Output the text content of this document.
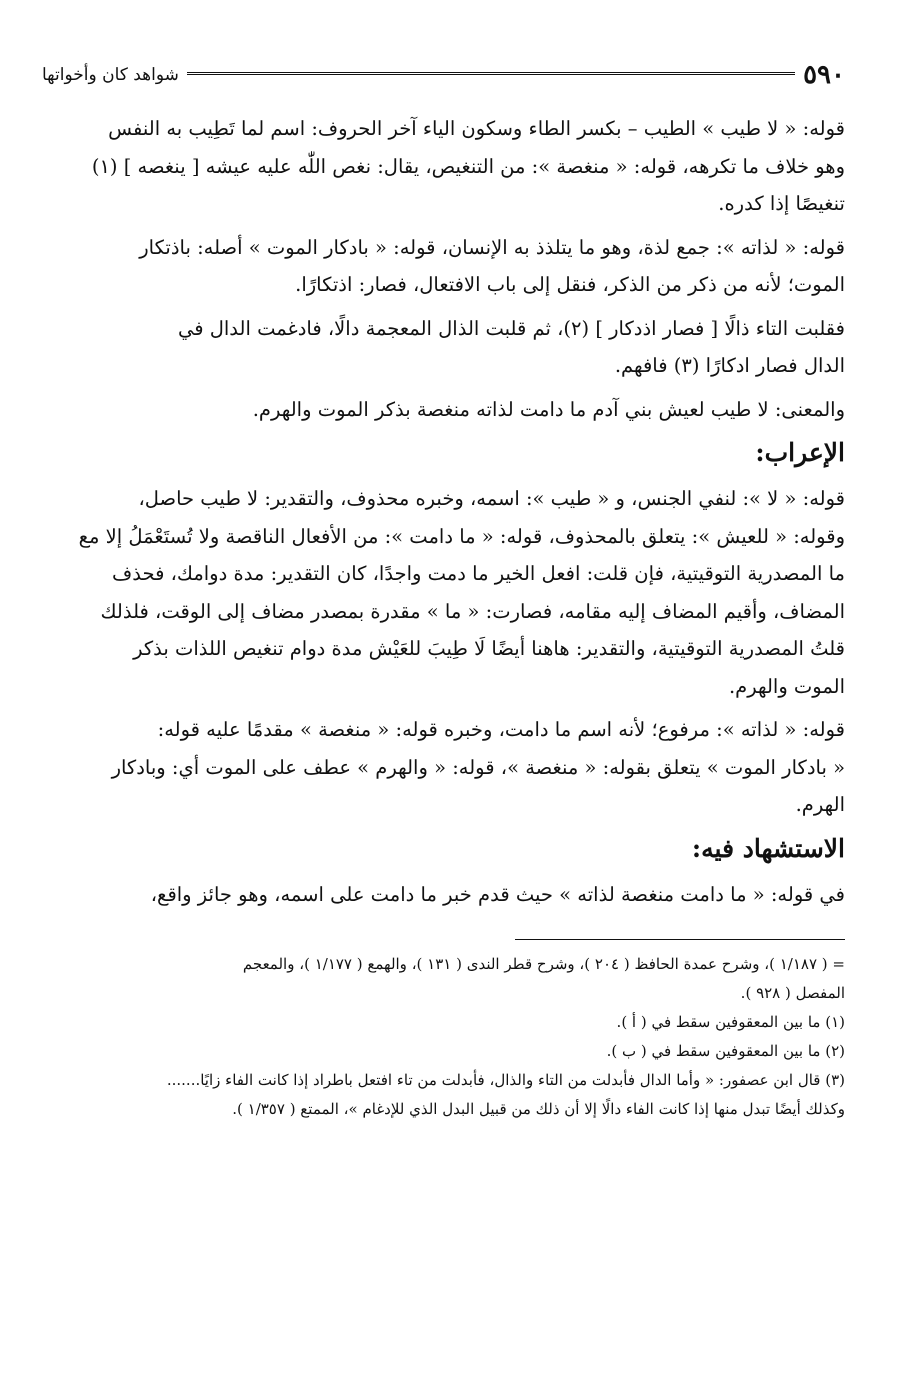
٥٩٠
شواهد كان وأخواتها

قوله: « لا طيب » الطيب – بكسر الطاء وسكون الياء آخر الحروف: اسم لما تَطِيب به النفس

وهو خلاف ما تكرهه، قوله: « منغصة »: من التنغيص، يقال: نغص اللّٰه عليه عيشه [ ينغصه ] (١)

تنغيصًا إذا كدره.

قوله: « لذاته »: جمع لذة، وهو ما يتلذذ به الإنسان، قوله: « بادكار الموت » أصله: باذتكار

الموت؛ لأنه من ذكر من الذكر، فنقل إلى باب الافتعال، فصار: اذتكارًا.

فقلبت التاء ذالًا [ فصار اذدكار ] (٢)، ثم قلبت الذال المعجمة دالًا، فادغمت الدال في

الدال فصار ادكارًا (٣) فافهم.

والمعنى: لا طيب لعيش بني آدم ما دامت لذاته منغصة بذكر الموت والهرم.

الإعراب:

قوله: « لا »: لنفي الجنس، و « طيب »: اسمه، وخبره محذوف، والتقدير: لا طيب حاصل،

وقوله: « للعيش »: يتعلق بالمحذوف، قوله: « ما دامت »: من الأفعال الناقصة ولا تُستَعْمَلُ إلا مع

ما المصدرية التوقيتية، فإن قلت: افعل الخير ما دمت واجدًا، كان التقدير: مدة دوامك، فحذف

المضاف، وأقيم المضاف إليه مقامه، فصارت: « ما » مقدرة بمصدر مضاف إلى الوقت، فلذلك

قلتُ المصدرية التوقيتية، والتقدير: هاهنا أيضًا لَا طِيبَ للعَيْش مدة دوام تنغيص اللذات بذكر

الموت والهرم.

قوله: « لذاته »: مرفوع؛ لأنه اسم ما دامت، وخبره قوله: « منغصة » مقدمًا عليه قوله:

« بادكار الموت » يتعلق بقوله: « منغصة »، قوله: « والهرم » عطف على الموت أي: وبادكار

الهرم.

الاستشهاد فيه:

في قوله: « ما دامت منغصة لذاته » حيث قدم خبر ما دامت على اسمه، وهو جائز واقع،

= ( ١/١٨٧ )، وشرح عمدة الحافظ ( ٢٠٤ )، وشرح قطر الندى ( ١٣١ )، والهمع ( ١/١٧٧ )، والمعجم

المفصل ( ٩٢٨ ).

(١) ما بين المعقوفين سقط في ( أ ).

(٢) ما بين المعقوفين سقط في ( ب ).

(٣) قال ابن عصفور: « وأما الدال فأبدلت من التاء والذال، فأبدلت من تاء افتعل باطراد إذا كانت الفاء زايًا.......

وكذلك أيضًا تبدل منها إذا كانت الفاء دالًا إلا أن ذلك من قبيل البدل الذي للإدغام »، الممتع ( ١/٣٥٧ ).
